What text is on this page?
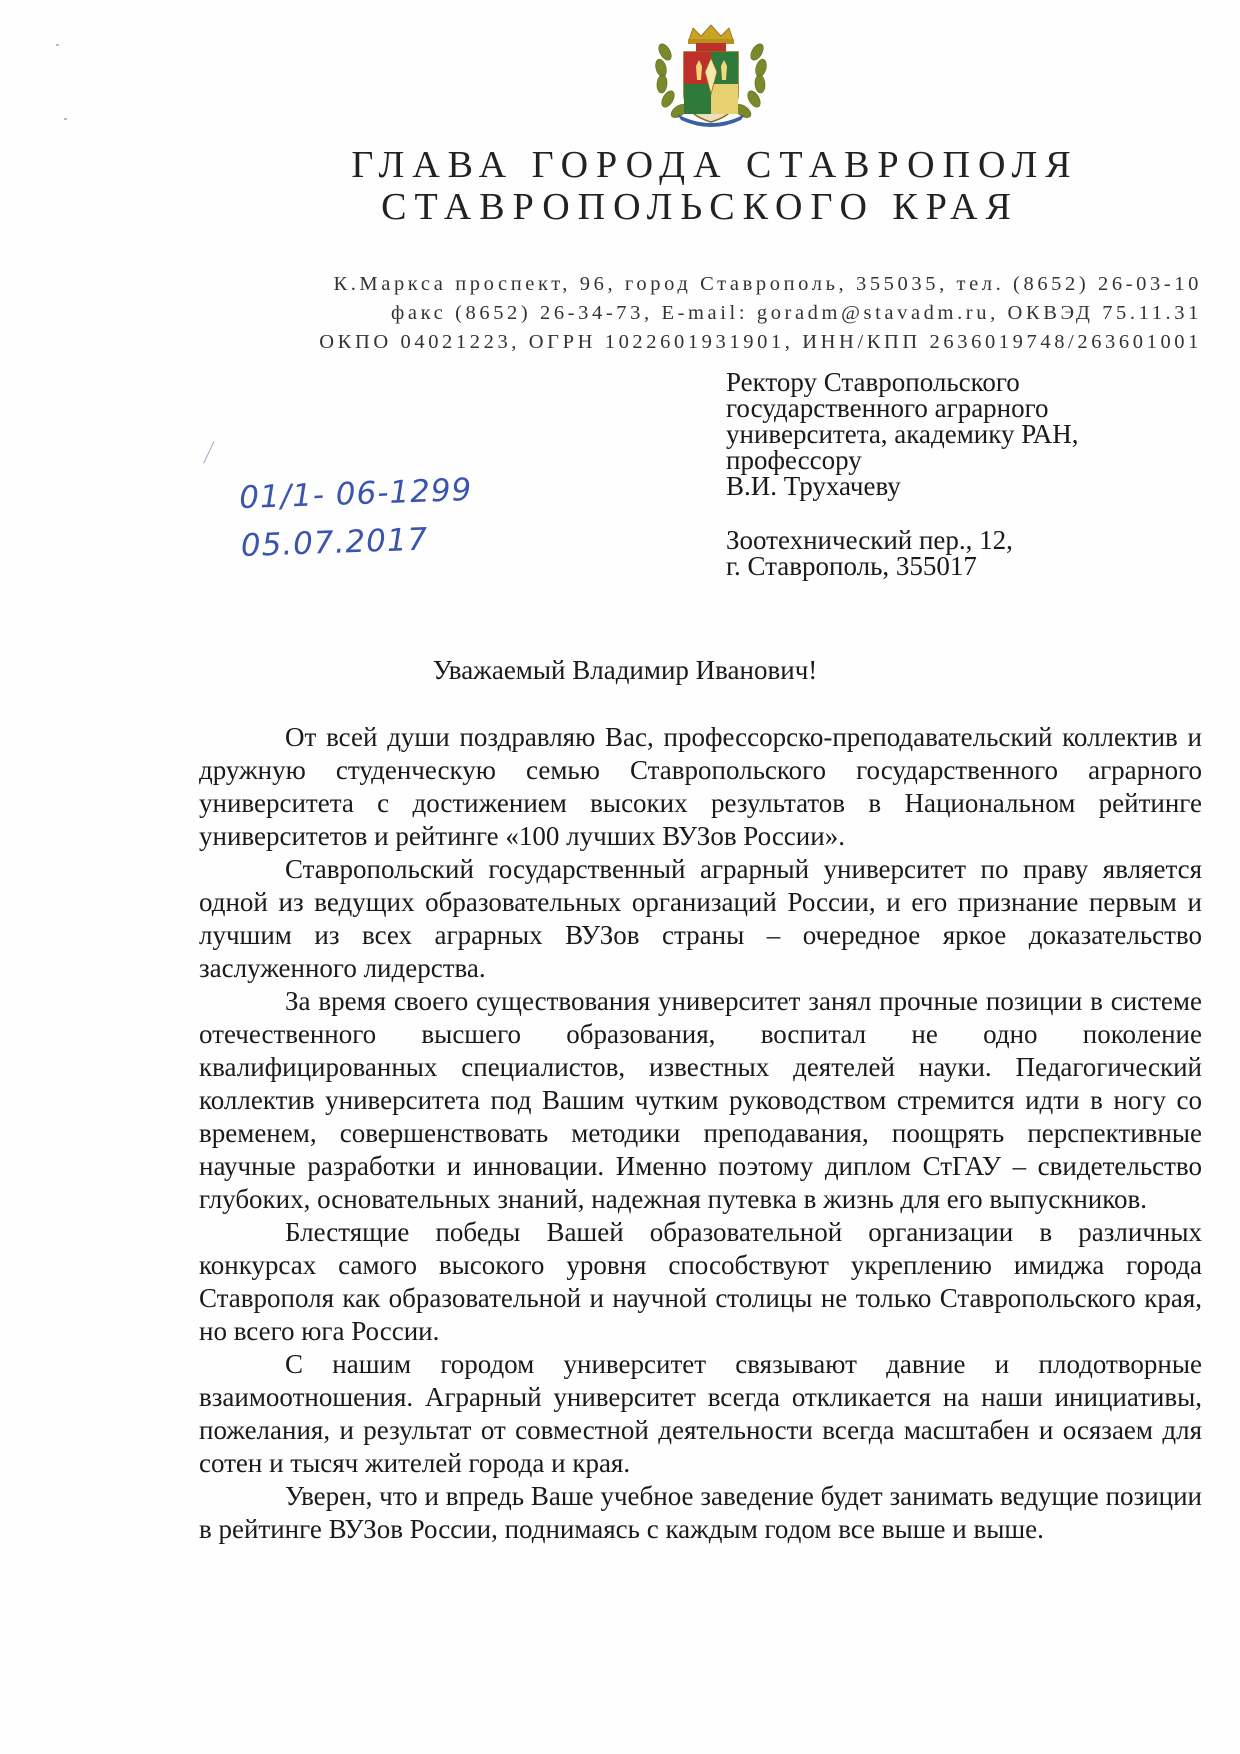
ГЛАВА ГОРОДА СТАВРОПОЛЯ
СТАВРОПОЛЬСКОГО КРАЯ
К.Маркса проспект, 96, город Ставрополь, 355035, тел. (8652) 26-03-10
факс (8652) 26-34-73, E-mail: goradm@stavadm.ru, ОКВЭД 75.11.31
ОКПО 04021223, ОГРН 1022601931901, ИНН/КПП 2636019748/263601001
Ректору Ставропольского
государственного аграрного
университета, академику РАН,
профессору
В.И. Трухачеву
Зоотехнический пер., 12,
г. Ставрополь, 355017
01/1- 06-1299
05.07.2017
Уважаемый Владимир Иванович!

От всей души поздравляю Вас, профессорско-преподавательский коллектив и дружную студенческую семью Ставропольского государственного аграрного университета с достижением высоких результатов в Национальном рейтинге университетов и рейтинге «100 лучших ВУЗов России».

Ставропольский государственный аграрный университет по праву является одной из ведущих образовательных организаций России, и его признание первым и лучшим из всех аграрных ВУЗов страны – очередное яркое доказательство заслуженного лидерства.

За время своего существования университет занял прочные позиции в системе отечественного высшего образования, воспитал не одно поколение квалифицированных специалистов, известных деятелей науки. Педагогический коллектив университета под Вашим чутким руководством стремится идти в ногу со временем, совершенствовать методики преподавания, поощрять перспективные научные разработки и инновации. Именно поэтому диплом СтГАУ – свидетельство глубоких, основательных знаний, надежная путевка в жизнь для его выпускников.

Блестящие победы Вашей образовательной организации в различных конкурсах самого высокого уровня способствуют укреплению имиджа города Ставрополя как образовательной и научной столицы не только Ставропольского края, но всего юга России.

С нашим городом университет связывают давние и плодотворные взаимоотношения. Аграрный университет всегда откликается на наши инициативы, пожелания, и результат от совместной деятельности всегда масштабен и осязаем для сотен и тысяч жителей города и края.

Уверен, что и впредь Ваше учебное заведение будет занимать ведущие позиции в рейтинге ВУЗов России, поднимаясь с каждым годом все выше и выше.
